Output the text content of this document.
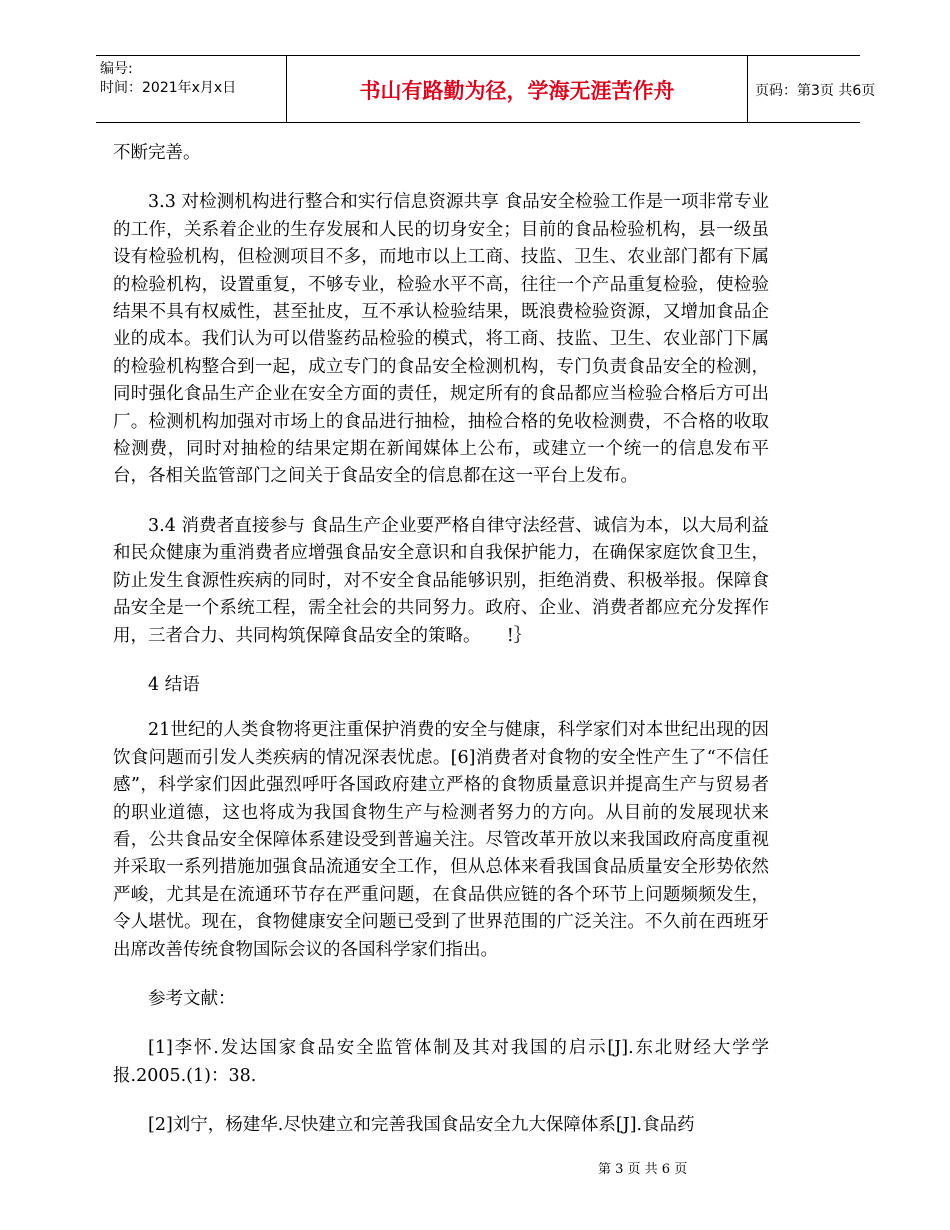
编号:
时间：2021年x月x日	书山有路勤为径，学海无涯苦作舟	页码：第3页 共6页

不断完善。

3.3 对检测机构进行整合和实行信息资源共享 食品安全检验工作是一项非常专业的工作，关系着企业的生存发展和人民的切身安全；目前的食品检验机构，县一级虽设有检验机构，但检测项目不多，而地市以上工商、技监、卫生、农业部门都有下属的检验机构，设置重复，不够专业，检验水平不高，往往一个产品重复检验，使检验结果不具有权威性，甚至扯皮，互不承认检验结果，既浪费检验资源，又增加食品企业的成本。我们认为可以借鉴药品检验的模式，将工商、技监、卫生、农业部门下属的检验机构整合到一起，成立专门的食品安全检测机构，专门负责食品安全的检测，同时强化食品生产企业在安全方面的责任，规定所有的食品都应当检验合格后方可出厂。检测机构加强对市场上的食品进行抽检，抽检合格的免收检测费，不合格的收取检测费，同时对抽检的结果定期在新闻媒体上公布，或建立一个统一的信息发布平台，各相关监管部门之间关于食品安全的信息都在这一平台上发布。

3.4 消费者直接参与 食品生产企业要严格自律守法经营、诚信为本，以大局利益和民众健康为重消费者应增强食品安全意识和自我保护能力，在确保家庭饮食卫生，防止发生食源性疾病的同时，对不安全食品能够识别，拒绝消费、积极举报。保障食品安全是一个系统工程，需全社会的共同努力。政府、企业、消费者都应充分发挥作用，三者合力、共同构筑保障食品安全的策略。　　!｝

4 结语

21世纪的人类食物将更注重保护消费的安全与健康，科学家们对本世纪出现的因饮食问题而引发人类疾病的情况深表忧虑。[6]消费者对食物的安全性产生了“不信任感”，科学家们因此强烈呼吁各国政府建立严格的食物质量意识并提高生产与贸易者的职业道德，这也将成为我国食物生产与检测者努力的方向。从目前的发展现状来看，公共食品安全保障体系建设受到普遍关注。尽管改革开放以来我国政府高度重视并采取一系列措施加强食品流通安全工作，但从总体来看我国食品质量安全形势依然严峻，尤其是在流通环节存在严重问题，在食品供应链的各个环节上问题频频发生，令人堪忧。现在，食物健康安全问题已受到了世界范围的广泛关注。不久前在西班牙出席改善传统食物国际会议的各国科学家们指出。

参考文献：

[1]李怀.发达国家食品安全监管体制及其对我国的启示[J].东北财经大学学报.2005.(1)：38.

[2]刘宁，杨建华.尽快建立和完善我国食品安全九大保障体系[J].食品药

第 3 页 共 6 页
